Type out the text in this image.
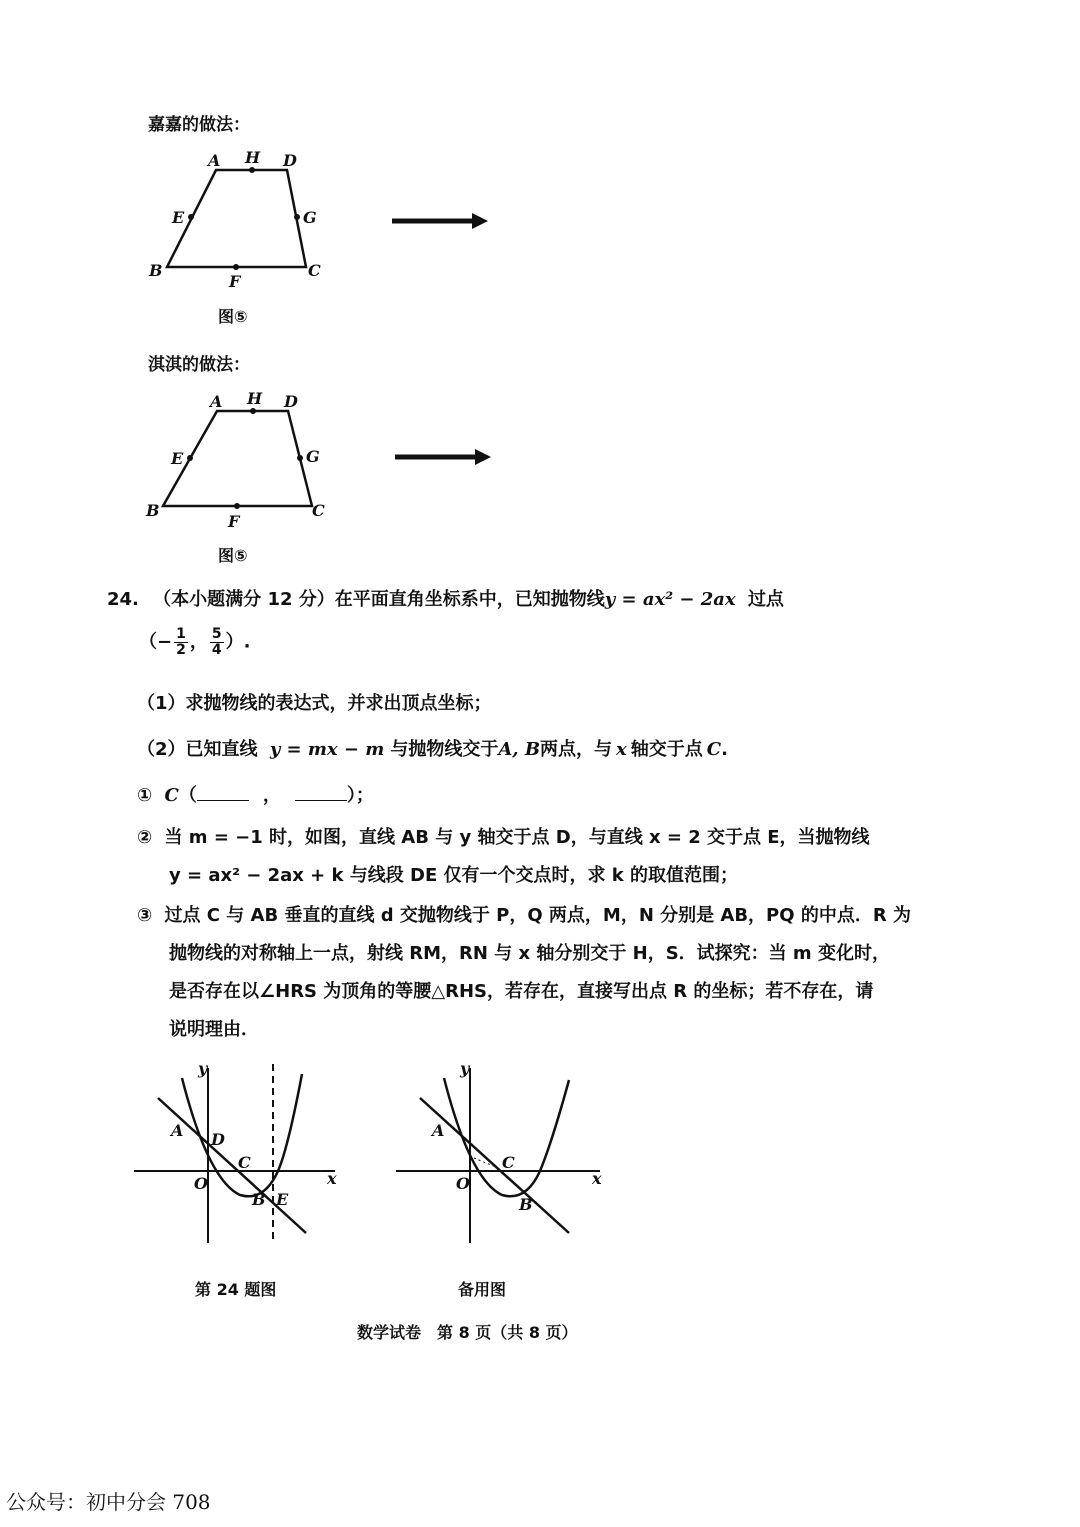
嘉嘉的做法：
A H D
E	G
B
F
C
图⑤
淇淇的做法：
A H D
E	G
B
F
C
图⑤
24. （本小题满分 12 分）在平面直角坐标系中，已知抛物线y = ax² − 2ax 过点
（− $\frac{1}{2}$ ， $\frac{5}{4}$ ）.
（1）求抛物线的表达式，并求出顶点坐标；
（2）已知直线 y = mx − m 与抛物线交于A, B两点，与 x 轴交于点 C.
① C（	，	）；
② 当 m = −1 时，如图，直线 AB 与 y 轴交于点 D，与直线 x = 2 交于点 E，当抛物线
y = ax² − 2ax + k 与线段 DE 仅有一个交点时，求 k 的取值范围；
③ 过点 C 与 AB 垂直的直线 d 交抛物线于 P，Q 两点，M，N 分别是 AB，PQ 的中点．R 为
抛物线的对称轴上一点，射线 RM，RN 与 x 轴分别交于 H，S．试探究：当 m 变化时，
是否存在以∠HRS 为顶角的等腰△RHS，若存在，直接写出点 R 的坐标；若不存在，请
说明理由．
y
x
O
A D
C
B E
第 24 题图
y
x
O
A
C
B
备用图
数学试卷　第 8 页（共 8 页）
公众号：初中分会 708
